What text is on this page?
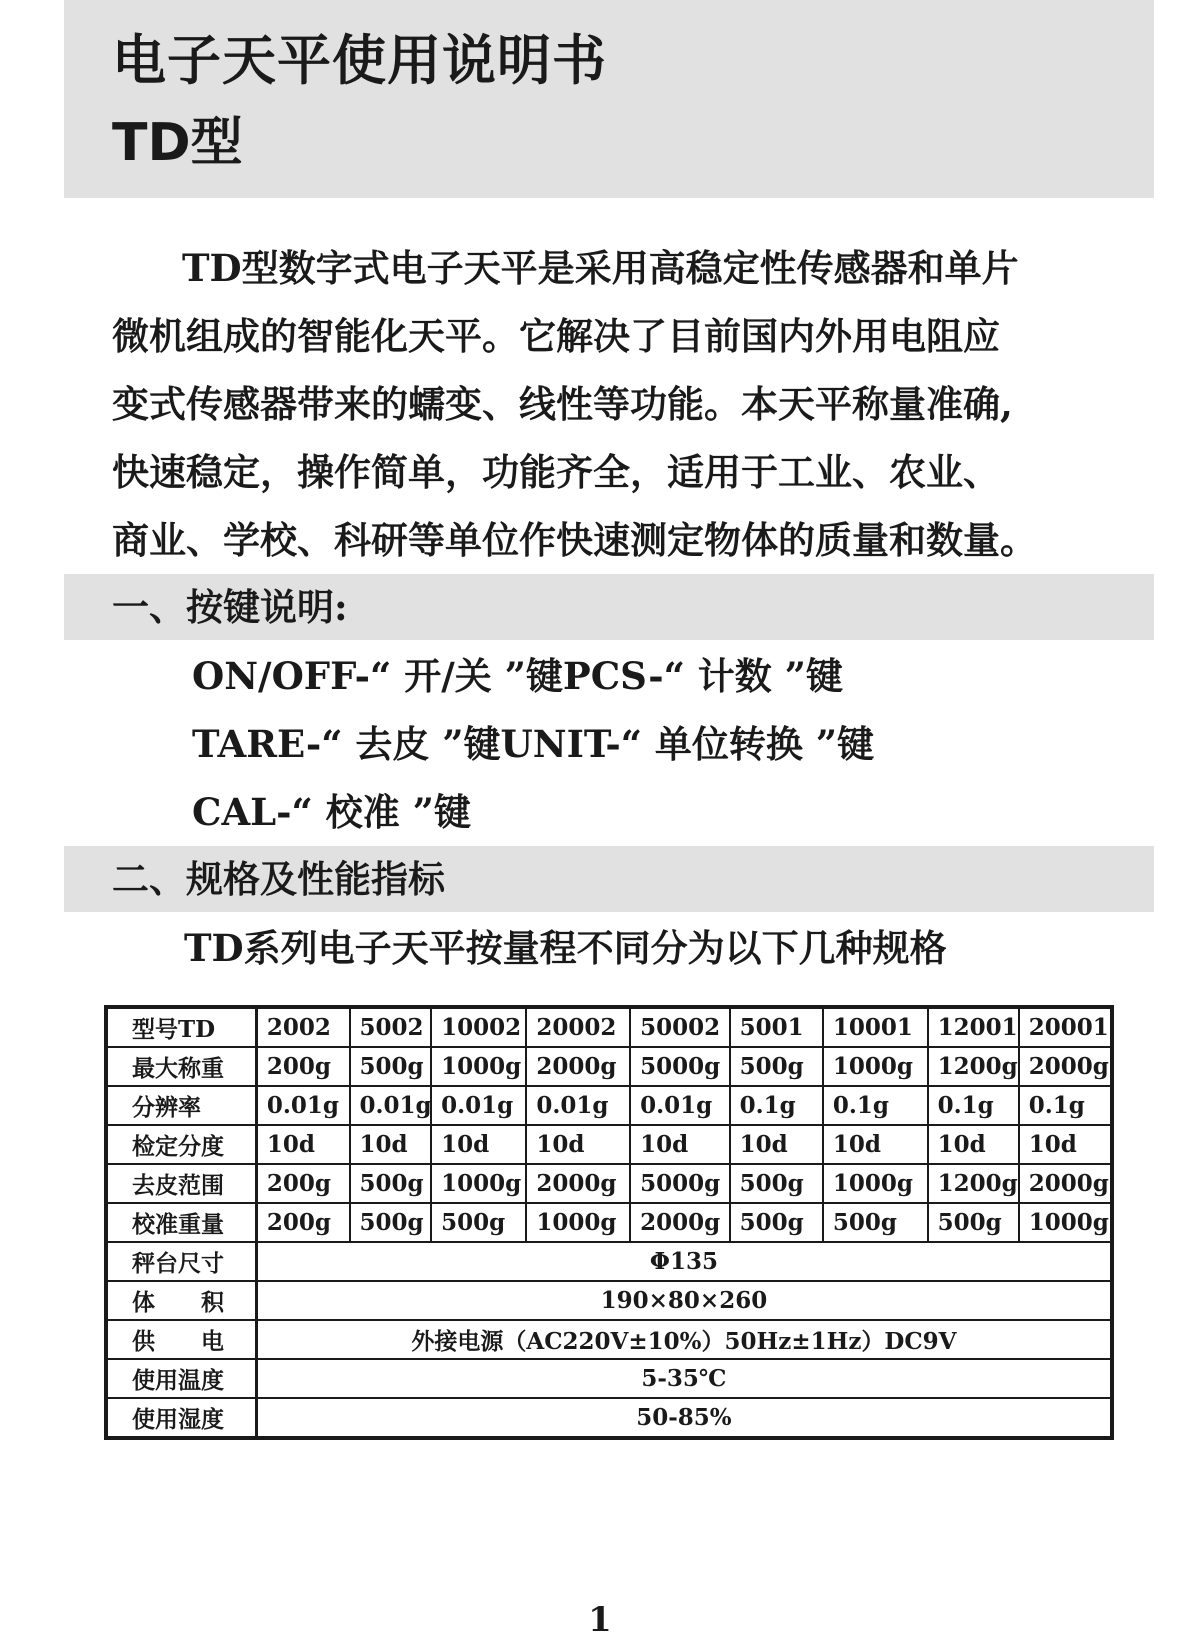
电子天平使用说明书
TD型

TD型数字式电子天平是采用高稳定性传感器和单片

微机组成的智能化天平。它解决了目前国内外用电阻应

变式传感器带来的蠕变、线性等功能。本天平称量准确,

快速稳定，操作简单，功能齐全，适用于工业、农业、

商业、学校、科研等单位作快速测定物体的质量和数量。

一、按键说明:
ON/OFF-“ 开/关 ”键PCS-“ 计数 ”键
TARE-“ 去皮 ”键UNIT-“ 单位转换 ”键
CAL-“ 校准 ”键
二、规格及性能指标
TD系列电子天平按量程不同分为以下几种规格
型号TD	2002	5002	10002	20002	50002	5001	10001	12001	20001
最大称重	200g	500g	1000g	2000g	5000g	500g	1000g	1200g	2000g
分辨率	0.01g	0.01g	0.01g	0.01g	0.01g	0.1g	0.1g	0.1g	0.1g
检定分度	10d	10d	10d	10d	10d	10d	10d	10d	10d
去皮范围	200g	500g	1000g	2000g	5000g	500g	1000g	1200g	2000g
校准重量	200g	500g	500g	1000g	2000g	500g	500g	500g	1000g
秤台尺寸	Φ135								
体　　积	190×80×260								
供　　电	外接电源（AC220V±10%）50Hz±1Hz）DC9V								
使用温度	5-35℃								
使用湿度	50-85%								
1
